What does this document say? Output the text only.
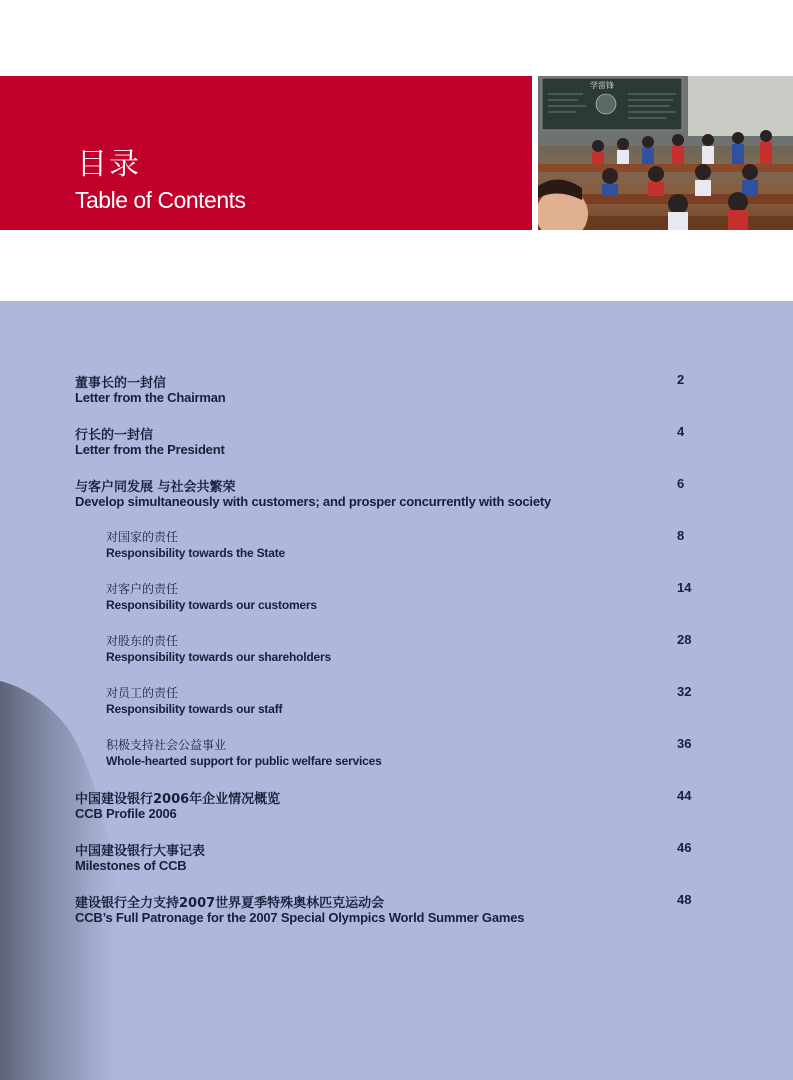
目录
Table of Contents
学雷锋
董事长的一封信
Letter from the Chairman
2
行长的一封信
Letter from the President
4
与客户同发展 与社会共繁荣
Develop simultaneously with customers; and prosper concurrently with society
6
对国家的责任
Responsibility towards the State
8
对客户的责任
Responsibility towards our customers
14
对股东的责任
Responsibility towards our shareholders
28
对员工的责任
Responsibility towards our staff
32
积极支持社会公益事业
Whole-hearted support for public welfare services
36
中国建设银行2006年企业情况概览
CCB Profile 2006
44
中国建设银行大事记表
Milestones of CCB
46
建设银行全力支持2007世界夏季特殊奥林匹克运动会
CCB’s Full Patronage for the 2007 Special Olympics World Summer Games
48
